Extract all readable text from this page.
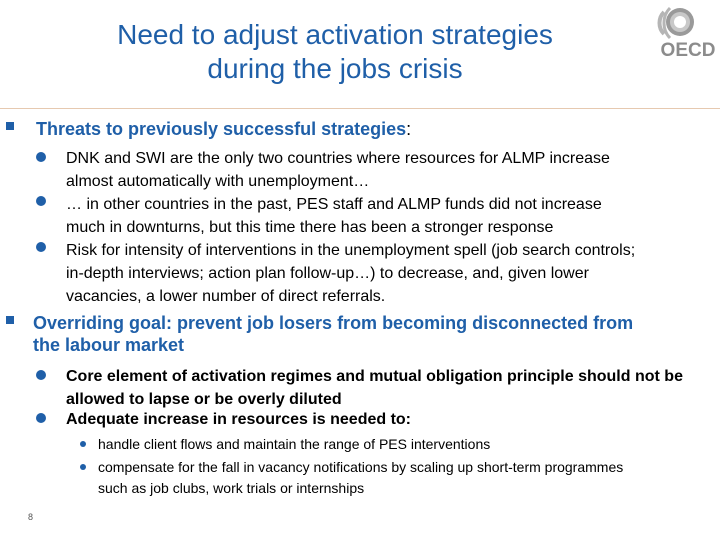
Need to adjust activation strategies
during the jobs crisis
OECD
Threats to previously successful strategies:
DNK and SWI are the only two countries where resources for ALMP increase
almost automatically with unemployment…
… in other countries in the past, PES staff and ALMP funds did not increase
much in downturns, but this time there has been a stronger response
Risk for intensity of interventions in the unemployment spell (job search controls;
in-depth interviews; action plan follow-up…) to decrease, and, given lower
vacancies, a lower number of direct referrals.
Overriding goal: prevent job losers from becoming disconnected from
the labour market
Core element of activation regimes and mutual obligation principle should not be
allowed to lapse or be overly diluted
Adequate increase in resources is needed to:
handle client flows and maintain the range of PES interventions
compensate for the fall in vacancy notifications by scaling up short-term programmes
such as job clubs, work trials or internships
8
